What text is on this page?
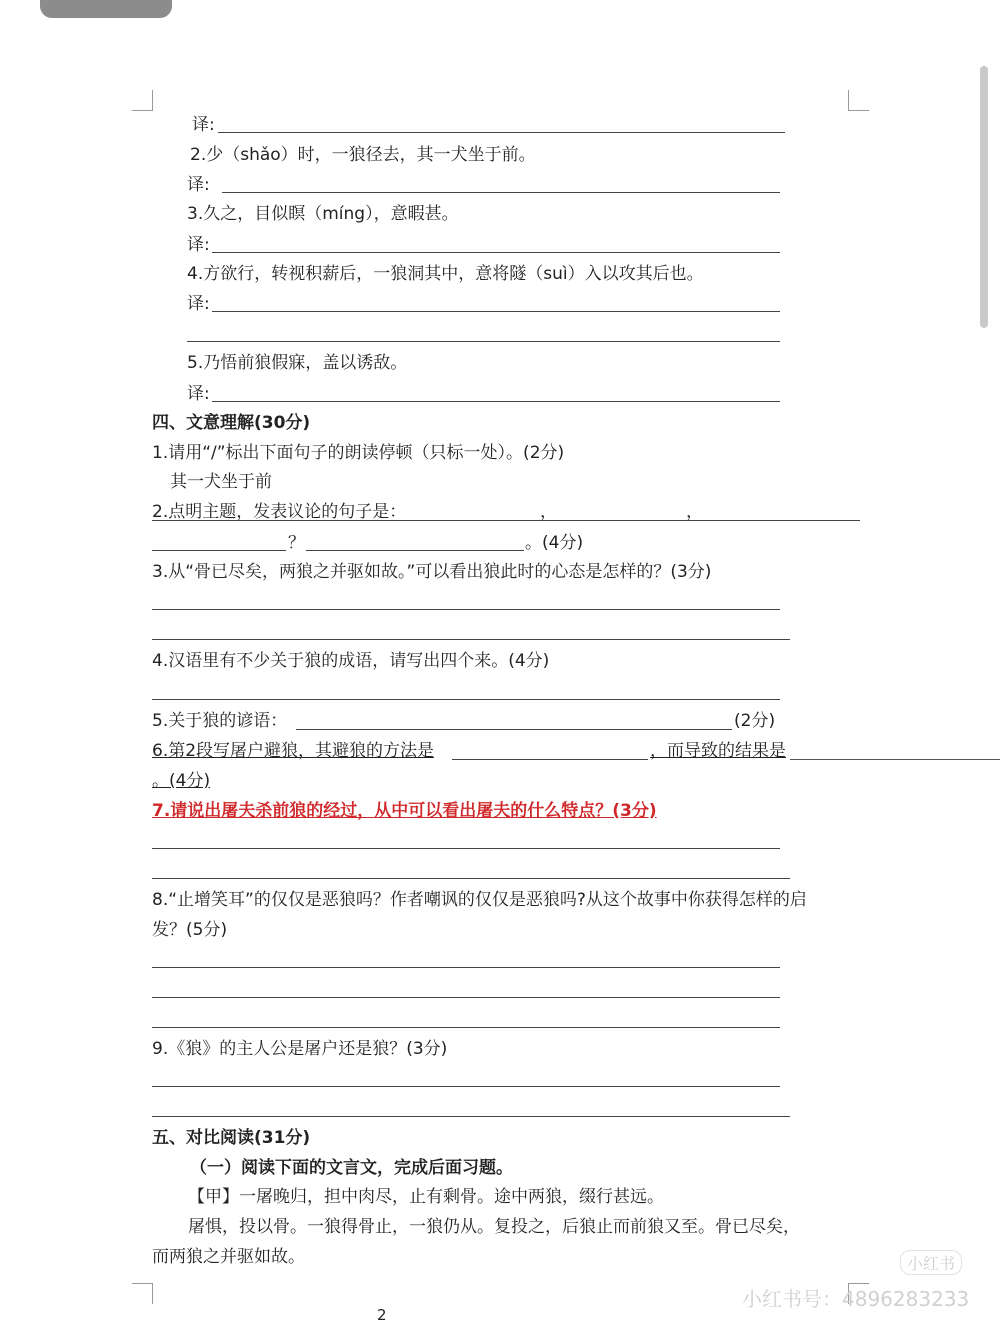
译:
2.少（shǎo）时，一狼径去，其一犬坐于前。
译:
3.久之，目似瞑（míng），意暇甚。
译:
4.方欲行，转视积薪后，一狼洞其中，意将隧（suì）入以攻其后也。
译:
5.乃悟前狼假寐，盖以诱敌。
译:
四、文意理解(30分)
1.请用“/”标出下面句子的朗读停顿（只标一处）。(2分)
其一犬坐于前
2.点明主题，发表议论的句子是：	，	，
？	。(4分)
3.从“骨已尽矣，两狼之并驱如故。”可以看出狼此时的心态是怎样的？(3分)
4.汉语里有不少关于狼的成语，请写出四个来。(4分)
5.关于狼的谚语：	(2分)
6.第2段写屠户避狼，其避狼的方法是	，而导致的结果是
。(4分)
7.请说出屠夫杀前狼的经过，从中可以看出屠夫的什么特点？(3分)
8.“止增笑耳”的仅仅是恶狼吗？作者嘲讽的仅仅是恶狼吗?从这个故事中你获得怎样的启
发？(5分)
9.《狼》的主人公是屠户还是狼？(3分)
五、对比阅读(31分)
（一）阅读下面的文言文，完成后面习题。
【甲】一屠晚归，担中肉尽，止有剩骨。途中两狼，缀行甚远。
屠惧，投以骨。一狼得骨止，一狼仍从。复投之，后狼止而前狼又至。骨已尽矣，
而两狼之并驱如故。
2
小红书
小红书号：4896283233
